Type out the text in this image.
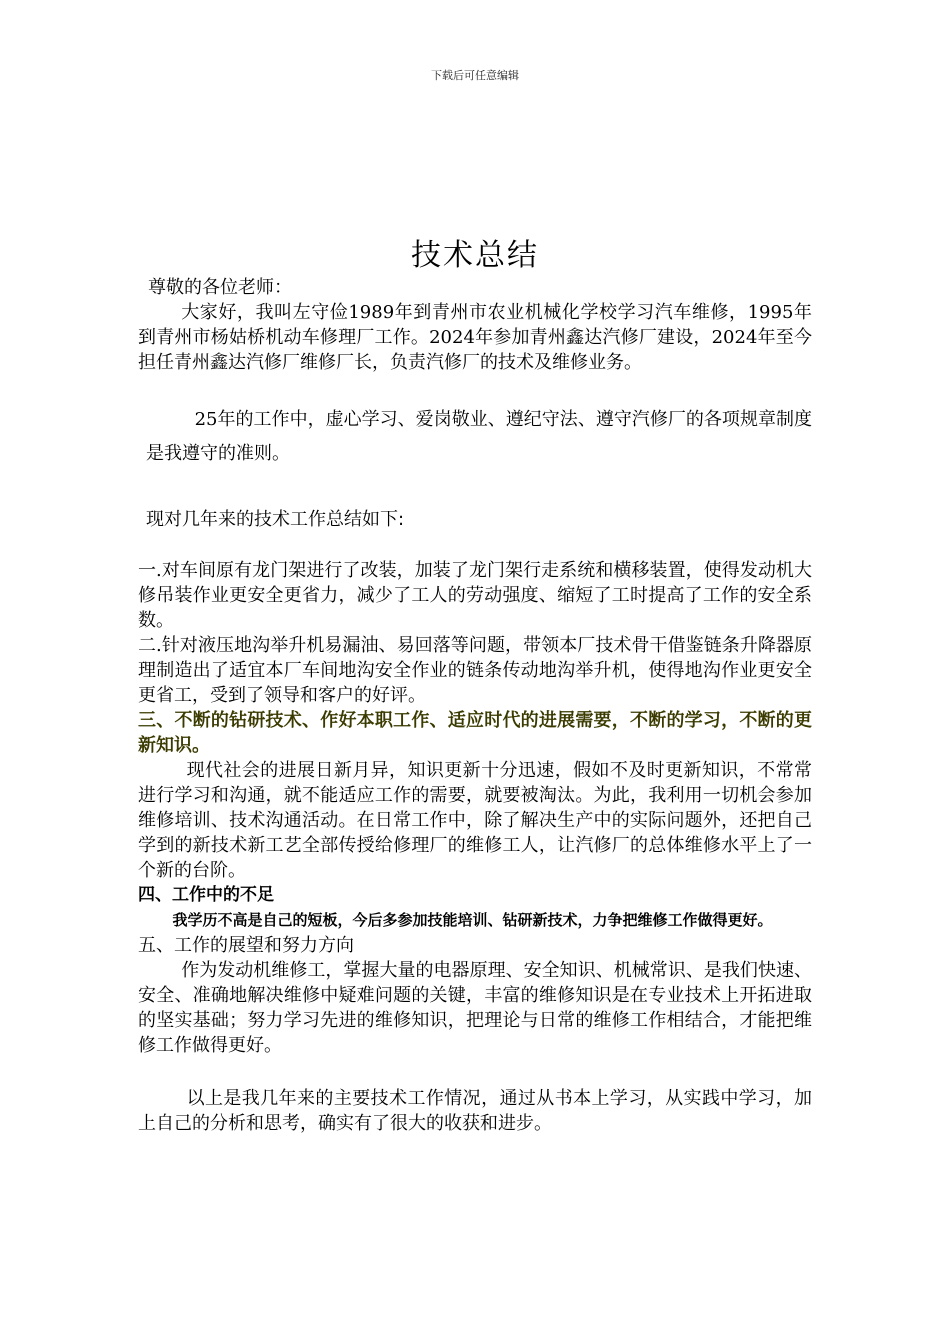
下载后可任意编辑
技术总结

尊敬的各位老师：

大家好，我叫左守俭1989年到青州市农业机械化学校学习汽车维修，1995年到青州市杨姑桥机动车修理厂工作。2024年参加青州鑫达汽修厂建设，2024年至今担任青州鑫达汽修厂维修厂长，负责汽修厂的技术及维修业务。

25年的工作中，虚心学习、爱岗敬业、遵纪守法、遵守汽修厂的各项规章制度是我遵守的准则。

现对几年来的技术工作总结如下:

一.对车间原有龙门架进行了改装，加装了龙门架行走系统和横移装置，使得发动机大修吊装作业更安全更省力，减少了工人的劳动强度、缩短了工时提高了工作的安全系数。

二.针对液压地沟举升机易漏油、易回落等问题，带领本厂技术骨干借鉴链条升降器原理制造出了适宜本厂车间地沟安全作业的链条传动地沟举升机，使得地沟作业更安全更省工，受到了领导和客户的好评。

三、不断的钻研技术、作好本职工作、适应时代的进展需要，不断的学习，不断的更新知识。

现代社会的进展日新月异，知识更新十分迅速，假如不及时更新知识，不常常进行学习和沟通，就不能适应工作的需要，就要被淘汰。为此，我利用一切机会参加维修培训、技术沟通活动。在日常工作中，除了解决生产中的实际问题外，还把自己学到的新技术新工艺全部传授给修理厂的维修工人，让汽修厂的总体维修水平上了一个新的台阶。

四、工作中的不足

我学历不高是自己的短板，今后多参加技能培训、钻研新技术，力争把维修工作做得更好。

五、工作的展望和努力方向

作为发动机维修工，掌握大量的电器原理、安全知识、机械常识、是我们快速、安全、准确地解决维修中疑难问题的关键，丰富的维修知识是在专业技术上开拓进取的坚实基础；努力学习先进的维修知识，把理论与日常的维修工作相结合，才能把维修工作做得更好。

以上是我几年来的主要技术工作情况，通过从书本上学习，从实践中学习，加上自己的分析和思考，确实有了很大的收获和进步。
